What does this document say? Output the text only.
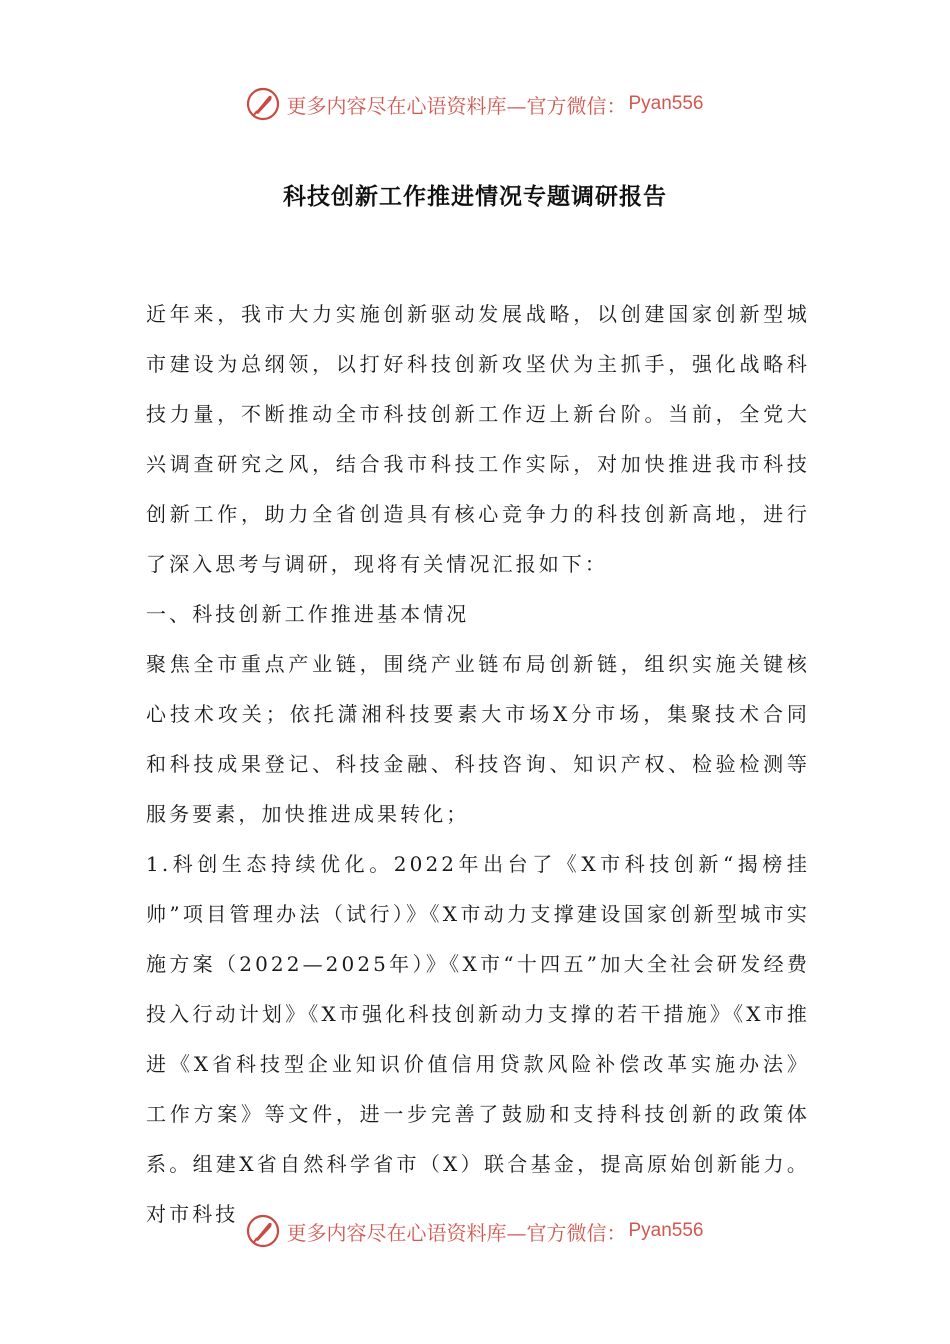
更多内容尽在心语资料库—官方微信： Pyan556
科技创新工作推进情况专题调研报告

近年来，我市大力实施创新驱动发展战略，以创建国家创新型城市建设为总纲领，以打好科技创新攻坚伏为主抓手，强化战略科技力量，不断推动全市科技创新工作迈上新台阶。当前，全党大兴调查研究之风，结合我市科技工作实际，对加快推进我市科技创新工作，助力全省创造具有核心竞争力的科技创新高地，进行了深入思考与调研，现将有关情况汇报如下：

一、科技创新工作推进基本情况

聚焦全市重点产业链，围绕产业链布局创新链，组织实施关键核心技术攻关；依托潇湘科技要素大市场X分市场，集聚技术合同和科技成果登记、科技金融、科技咨询、知识产权、检验检测等服务要素，加快推进成果转化；

1.科创生态持续优化。2022年出台了《X市科技创新“揭榜挂帅”项目管理办法（试行）》《X市动力支撑建设国家创新型城市实施方案（2022—2025年）》《X市“十四五”加大全社会研发经费投入行动计划》《X市强化科技创新动力支撑的若干措施》《X市推进《X省科技型企业知识价值信用贷款风险补偿改革实施办法》工作方案》等文件，进一步完善了鼓励和支持科技创新的政策体系。组建X省自然科学省市（X）联合基金，提高原始创新能力。对市科技

更多内容尽在心语资料库—官方微信： Pyan556
